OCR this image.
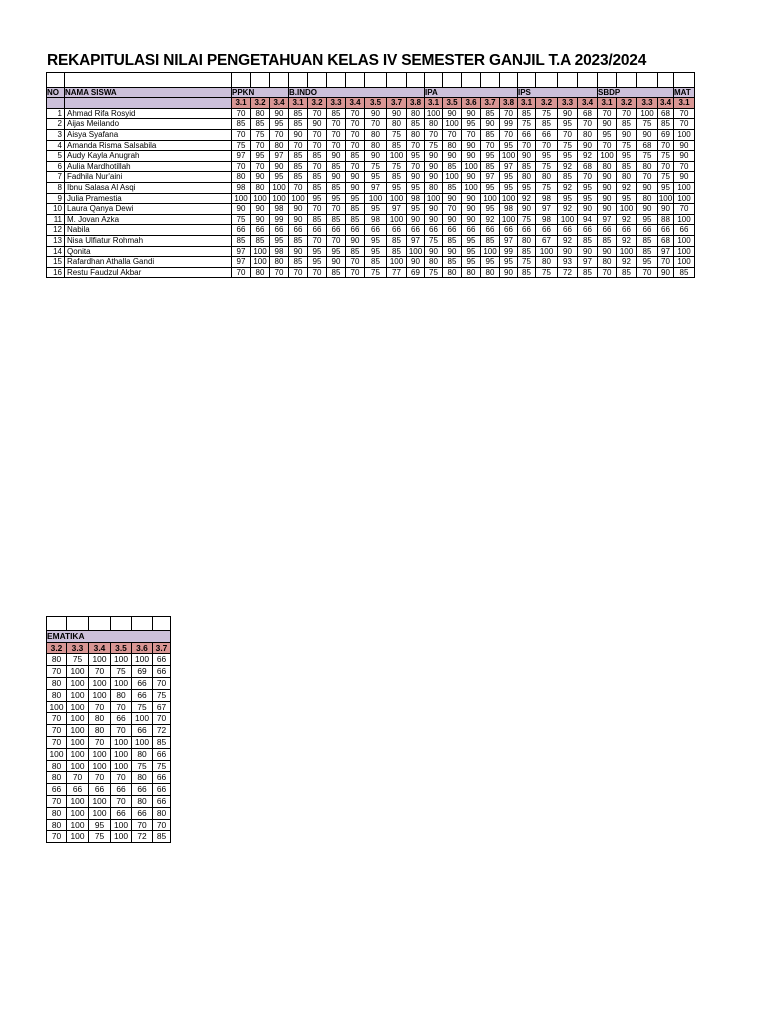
REKAPITULASI NILAI PENGETAHUAN KELAS IV SEMESTER GANJIL T.A 2023/2024

NO	NAMA SISWA	PPKN			B.INDO							IPA					IPS				SBDP				MAT
		3.1	3.2	3.4	3.1	3.2	3.3	3.4	3.5	3.7	3.8	3.1	3.5	3.6	3.7	3.8	3.1	3.2	3.3	3.4	3.1	3.2	3.3	3.4	3.1
1	Ahmad Rifa Rosyid	70	80	90	85	70	85	70	90	90	80	100	90	90	85	70	85	75	90	68	70	70	100	68	70
2	Aijas Meilando	85	85	95	85	90	70	70	70	80	85	80	100	95	90	99	75	85	95	70	90	85	75	85	70
3	Aisya Syafana	70	75	70	90	70	70	70	80	75	80	70	70	70	85	70	66	66	70	80	95	90	90	69	100
4	Amanda Risma Salsabila	75	70	80	70	70	70	70	80	85	70	75	80	90	70	95	70	70	75	90	70	75	68	70	90
5	Audy Kayla Anugrah	97	95	97	85	85	90	85	90	100	95	90	90	90	95	100	90	95	95	92	100	95	75	75	90
6	Aulia Mardhotillah	70	70	90	85	70	85	70	75	75	70	90	85	100	85	97	85	75	92	68	80	85	80	70	70
7	Fadhila Nur'aini	80	90	95	85	85	90	90	95	85	90	90	100	90	97	95	80	80	85	70	90	80	70	75	90
8	Ibnu Salasa Al Asqi	98	80	100	70	85	85	90	97	95	95	80	85	100	95	95	95	75	92	95	90	92	90	95	100
9	Julia Pramestia	100	100	100	100	95	95	95	100	100	98	100	90	90	100	100	92	98	95	95	90	95	80	100	100
10	Laura Qanya Dewi	90	90	98	90	70	70	85	95	97	95	90	70	90	95	98	90	97	92	90	90	100	90	90	70
11	M. Jovan Azka	75	90	99	90	85	85	85	98	100	90	90	90	90	92	100	75	98	100	94	97	92	95	88	100
12	Nabila	66	66	66	66	66	66	66	66	66	66	66	66	66	66	66	66	66	66	66	66	66	66	66	66
13	Nisa Ulfiatur Rohmah	85	85	95	85	70	70	90	95	85	97	75	85	95	85	97	80	67	92	85	85	92	85	68	100
14	Qonita	97	100	98	90	95	95	85	95	85	100	90	90	95	100	99	85	100	90	90	90	100	85	97	100
15	Rafardhan Athalla Gandi	97	100	80	85	95	90	70	85	100	90	80	85	95	95	95	75	80	93	97	80	92	95	70	100
16	Restu Faudzul Akbar	70	80	70	70	70	85	70	75	77	69	75	80	80	80	90	85	75	72	85	70	85	70	90	85

EMATIKA					
3.2	3.3	3.4	3.5	3.6	3.7
80	75	100	100	100	66
70	100	70	75	69	66
80	100	100	100	66	70
80	100	100	80	66	75
100	100	70	70	75	67
70	100	80	66	100	70
70	100	80	70	66	72
70	100	70	100	100	85
100	100	100	100	80	66
80	100	100	100	75	75
80	70	70	70	80	66
66	66	66	66	66	66
70	100	100	70	80	66
80	100	100	66	66	80
80	100	95	100	70	70
70	100	75	100	72	85
